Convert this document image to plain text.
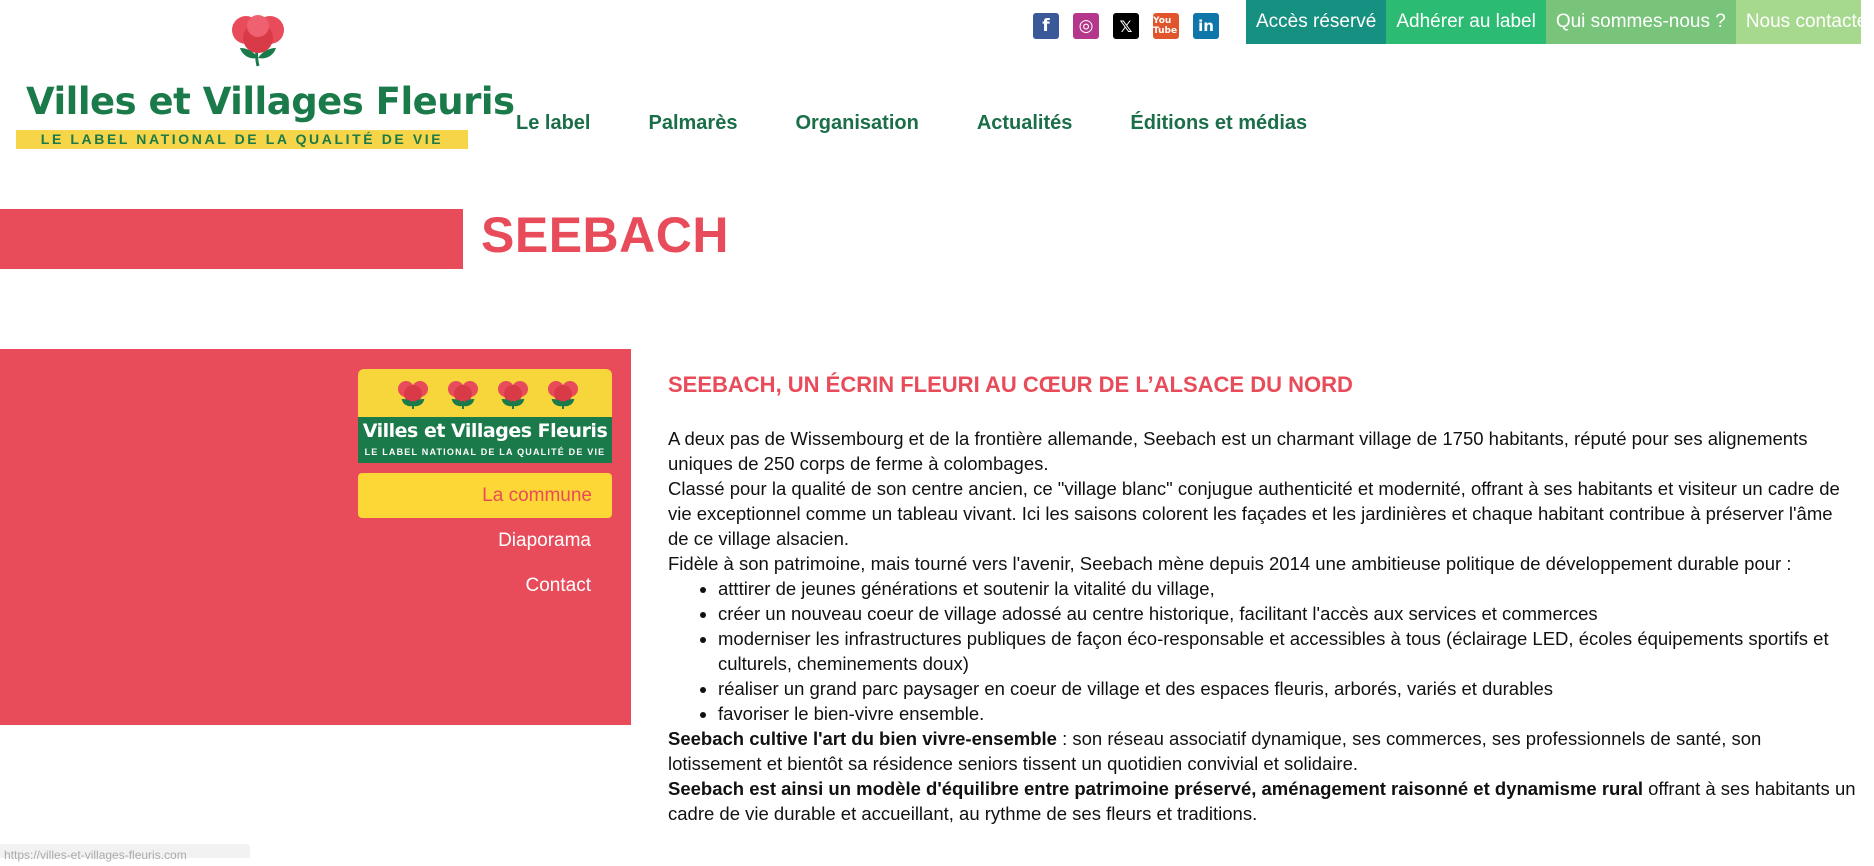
Villes et Villages Fleuris
LE LABEL NATIONAL DE LA QUALITÉ DE VIE
f	◎	𝕏	You Tube	in	Accès réservé	Adhérer au label	Qui sommes-nous ?	Nous contacter
Le label	Palmarès	Organisation	Actualités	Éditions et médias
SEEBACH
Villes et Villages Fleuris
LE LABEL NATIONAL DE LA QUALITÉ DE VIE
La commune
Diaporama
Contact
SEEBACH, UN ÉCRIN FLEURI AU CŒUR DE L’ALSACE DU NORD

A deux pas de Wissembourg et de la frontière allemande, Seebach est un charmant village de 1750 habitants, réputé pour ses alignements uniques de 250 corps de ferme à colombages.

Classé pour la qualité de son centre ancien, ce "village blanc" conjugue authenticité et modernité, offrant à ses habitants et visiteur un cadre de vie exceptionnel comme un tableau vivant. Ici les saisons colorent les façades et les jardinières et chaque habitant contribue à préserver l'âme de ce village alsacien.

Fidèle à son patrimoine, mais tourné vers l'avenir, Seebach mène depuis 2014 une ambitieuse politique de développement durable pour :

• atttirer de jeunes générations et soutenir la vitalité du village,
• créer un nouveau coeur de village adossé au centre historique, facilitant l'accès aux services et commerces
• moderniser les infrastructures publiques de façon éco-responsable et accessibles à tous (éclairage LED, écoles équipements sportifs et culturels, cheminements doux)
• réaliser un grand parc paysager en coeur de village et des espaces fleuris, arborés, variés et durables
• favoriser le bien-vivre ensemble.

Seebach cultive l'art du bien vivre-ensemble : son réseau associatif dynamique, ses commerces, ses professionnels de santé, son lotissement et bientôt sa résidence seniors tissent un quotidien convivial et solidaire.

Seebach est ainsi un modèle d'équilibre entre patrimoine préservé, aménagement raisonné et dynamisme rural offrant à ses habitants un cadre de vie durable et accueillant, au rythme de ses fleurs et traditions.

https://villes-et-villages-fleuris.com
